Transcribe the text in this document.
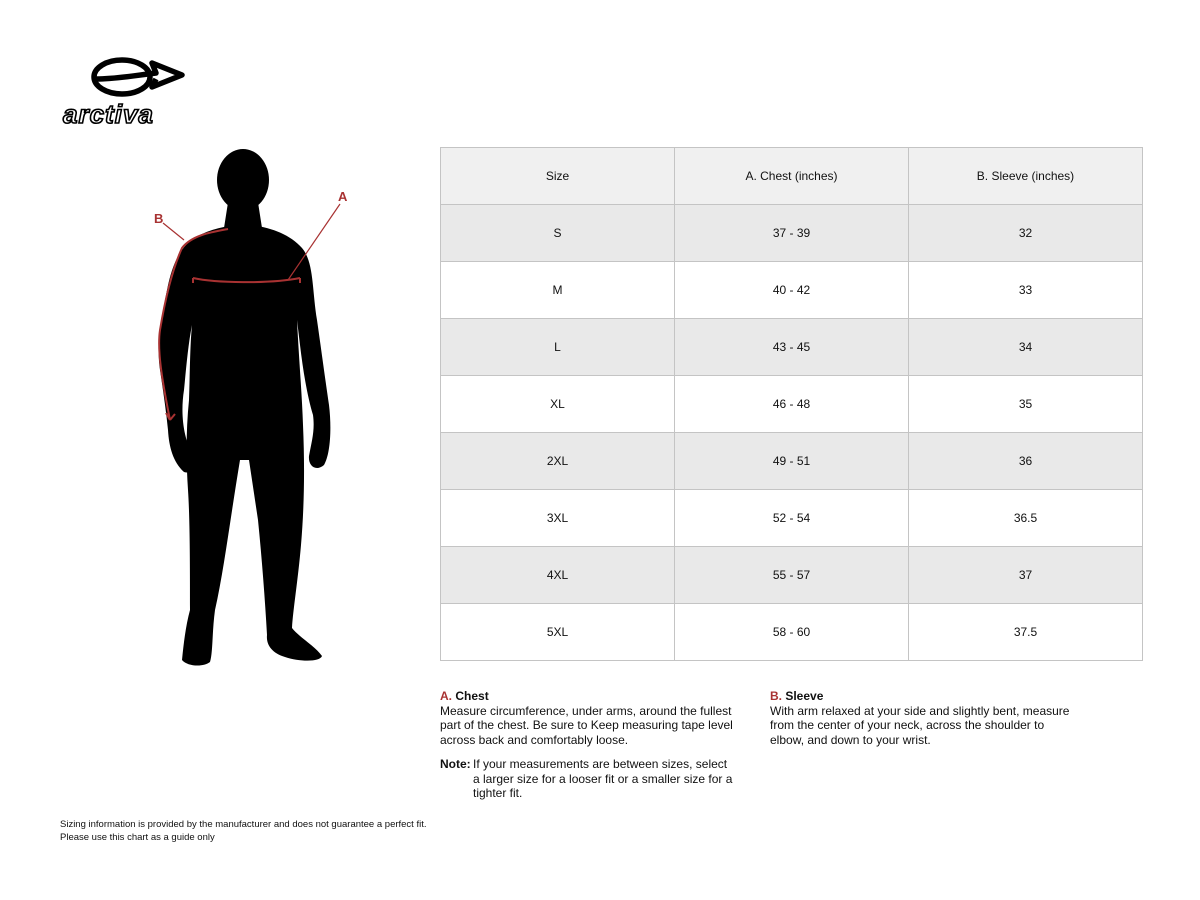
arctiva
A
B
Size	A. Chest (inches)	B. Sleeve (inches)
S	37 - 39	32
M	40 - 42	33
L	43 - 45	34
XL	46 - 48	35
2XL	49 - 51	36
3XL	52 - 54	36.5
4XL	55 - 57	37
5XL	58 - 60	37.5
A. Chest
Measure circumference, under arms, around the fullest part of the chest. Be sure to Keep measuring tape level across back and comfortably loose.
B. Sleeve
With arm relaxed at your side and slightly bent, measure from the center of your neck, across the shoulder to elbow, and down to your wrist.
Note: If your measurements are between sizes, select a larger size for a looser fit or a smaller size for a tighter fit.
Sizing information is provided by the manufacturer and does not guarantee a perfect fit.
Please use this chart as a guide only
